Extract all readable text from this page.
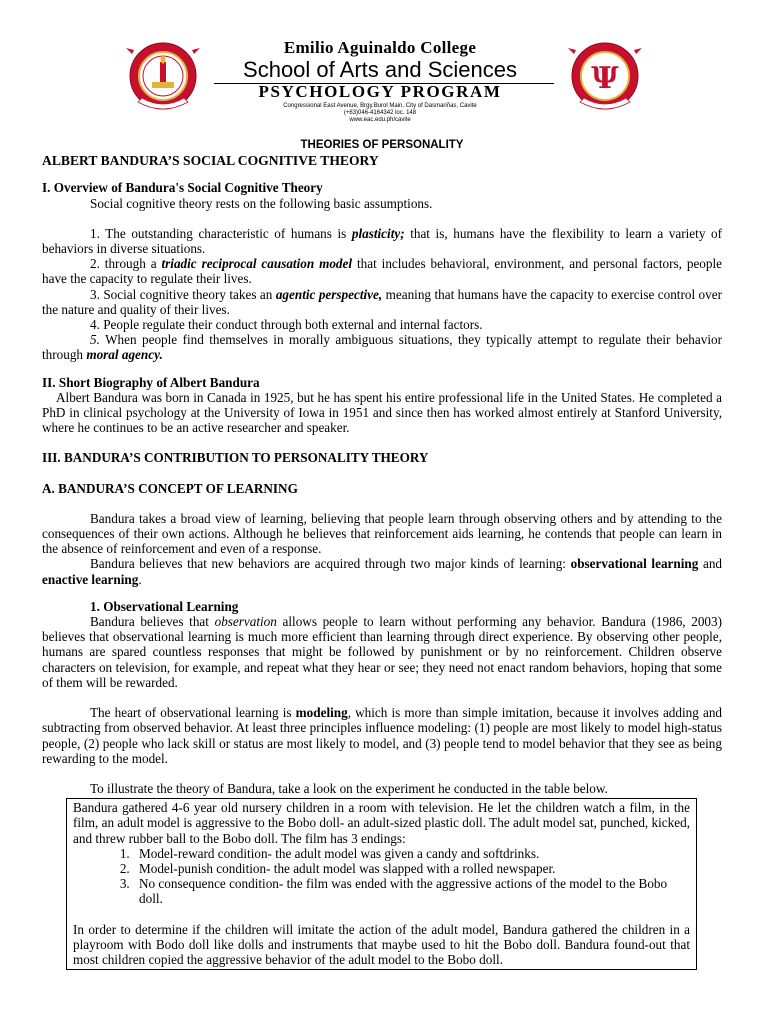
Ψ
Emilio Aguinaldo College
School of Arts and Sciences
PSYCHOLOGY PROGRAM
Congressional East Avenue, Brgy.Burol Main, City of Dasmariñas, Cavite
(+63)046-4164342 loc. 148
www.eac.edu.ph/cavite

THEORIES OF PERSONALITY

ALBERT BANDURA’S SOCIAL COGNITIVE THEORY

I. Overview of Bandura's Social Cognitive Theory

Social cognitive theory rests on the following basic assumptions.

1. The outstanding characteristic of humans is plasticity; that is, humans have the flexibility to learn a variety of behaviors in diverse situations.

2. through a triadic reciprocal causation model that includes behavioral, environment, and personal factors, people have the capacity to regulate their lives.

3. Social cognitive theory takes an agentic perspective, meaning that humans have the capacity to exercise control over the nature and quality of their lives.

4. People regulate their conduct through both external and internal factors.

5. When people find themselves in morally ambiguous situations, they typically attempt to regulate their behavior through moral agency.

II. Short Biography of Albert Bandura

Albert Bandura was born in Canada in 1925, but he has spent his entire professional life in the United States. He completed a PhD in clinical psychology at the University of Iowa in 1951 and since then has worked almost entirely at Stanford University, where he continues to be an active researcher and speaker.

III. BANDURA’S CONTRIBUTION TO PERSONALITY THEORY

A. BANDURA’S CONCEPT OF LEARNING

Bandura takes a broad view of learning, believing that people learn through observing others and by attending to the consequences of their own actions. Although he believes that reinforcement aids learning, he contends that people can learn in the absence of reinforcement and even of a response.

Bandura believes that new behaviors are acquired through two major kinds of learning: observational learning and enactive learning.

1. Observational Learning

Bandura believes that observation allows people to learn without performing any behavior. Bandura (1986, 2003) believes that observational learning is much more efficient than learning through direct experience. By observing other people, humans are spared countless responses that might be followed by punishment or by no reinforcement. Children observe characters on television, for example, and repeat what they hear or see; they need not enact random behaviors, hoping that some of them will be rewarded.

The heart of observational learning is modeling, which is more than simple imitation, because it involves adding and subtracting from observed behavior. At least three principles influence modeling: (1) people are most likely to model high-status people, (2) people who lack skill or status are most likely to model, and (3) people tend to model behavior that they see as being rewarding to the model.

To illustrate the theory of Bandura, take a look on the experiment he conducted in the table below.

Bandura gathered 4-6 year old nursery children in a room with television. He let the children watch a film, in the film, an adult model is aggressive to the Bobo doll- an adult-sized plastic doll. The adult model sat, punched, kicked, and threw rubber ball to the Bobo doll. The film has 3 endings:

1. Model-reward condition- the adult model was given a candy and softdrinks.
2. Model-punish condition- the adult model was slapped with a rolled newspaper.
3. No consequence condition- the film was ended with the aggressive actions of the model to the Bobo doll.

In order to determine if the children will imitate the action of the adult model, Bandura gathered the children in a playroom with Bodo doll like dolls and instruments that maybe used to hit the Bobo doll. Bandura found-out that most children copied the aggressive behavior of the adult model to the Bobo doll.
